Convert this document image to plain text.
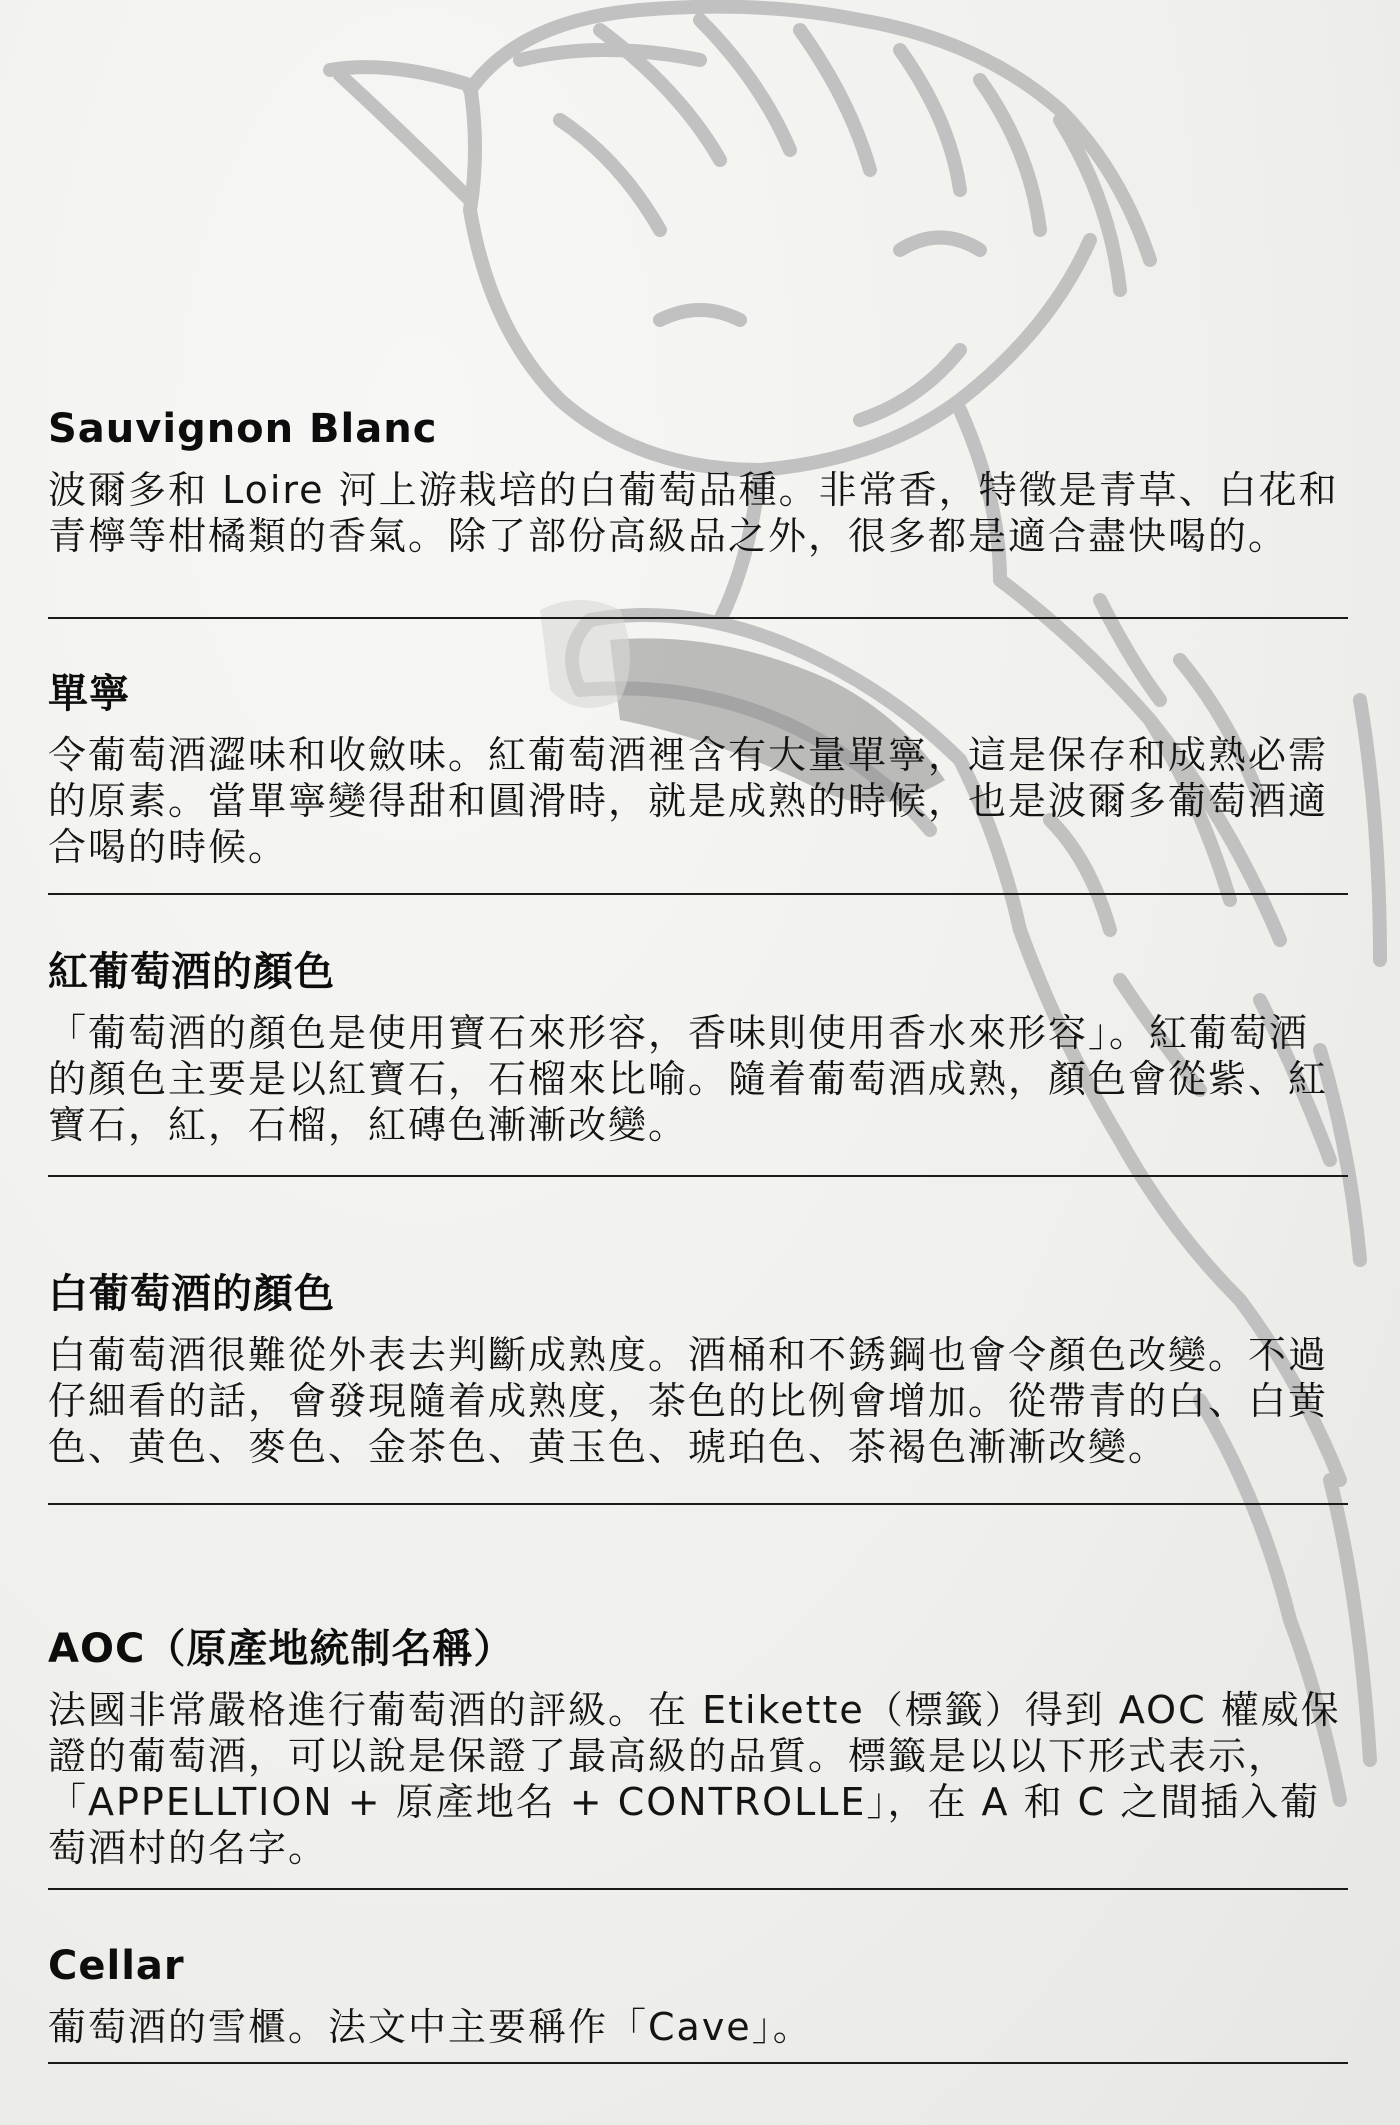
Sauvignon Blanc

波爾多和 Loire 河上游栽培的白葡萄品種。非常香，特徵是青草、白花和青檸等柑橘類的香氣。除了部份高級品之外，很多都是適合盡快喝的。

單寧

令葡萄酒澀味和收斂味。紅葡萄酒裡含有大量單寧，這是保存和成熟必需的原素。當單寧變得甜和圓滑時，就是成熟的時候，也是波爾多葡萄酒適合喝的時候。

紅葡萄酒的顏色

「葡萄酒的顏色是使用寶石來形容，香味則使用香水來形容」。紅葡萄酒的顏色主要是以紅寶石，石榴來比喻。隨着葡萄酒成熟，顏色會從紫、紅寶石，紅，石榴，紅磚色漸漸改變。

白葡萄酒的顏色

白葡萄酒很難從外表去判斷成熟度。酒桶和不銹鋼也會令顏色改變。不過仔細看的話，會發現隨着成熟度，茶色的比例會增加。從帶青的白、白黄色、黄色、麥色、金茶色、黄玉色、琥珀色、茶褐色漸漸改變。

AOC（原產地統制名稱）

法國非常嚴格進行葡萄酒的評級。在 Etikette（標籤）得到 AOC 權威保證的葡萄酒，可以說是保證了最高級的品質。標籤是以以下形式表示，「APPELLTION + 原產地名 + CONTROLLE」，在 A 和 C 之間插入葡萄酒村的名字。

Cellar

葡萄酒的雪櫃。法文中主要稱作「Cave」。
